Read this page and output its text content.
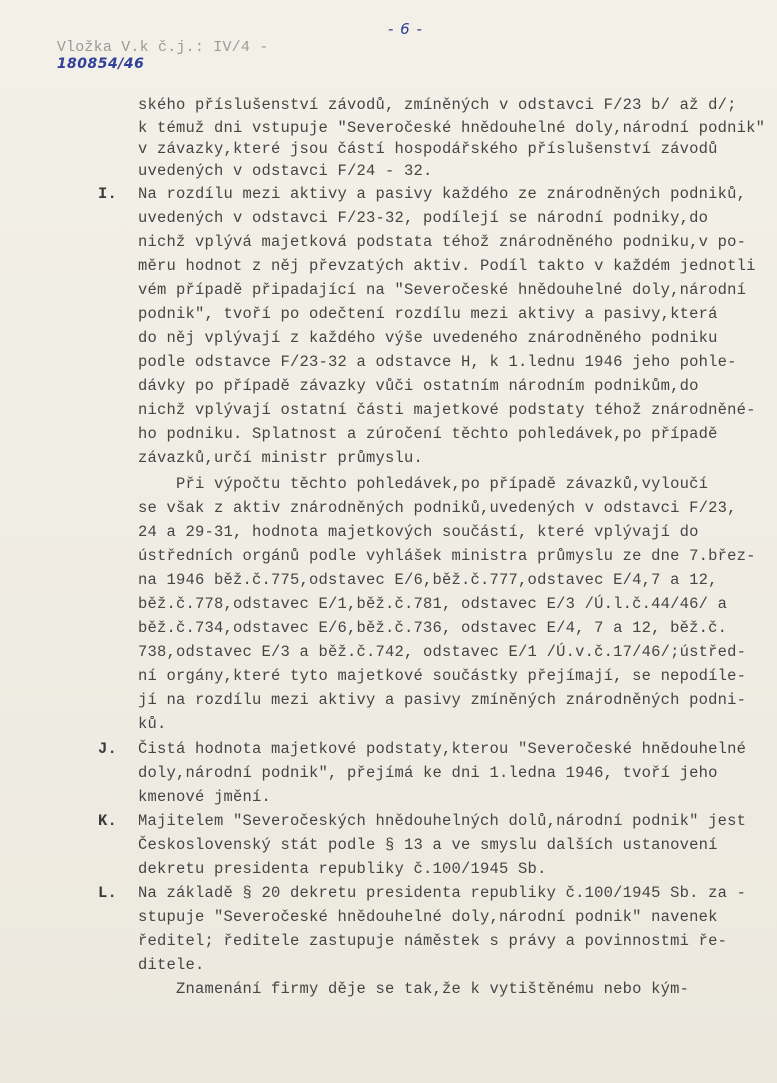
Vložka V.k č.j.: IV/4 -
180854/46

- 6 -
ského příslušenství závodů, zmíněných v odstavci F/23 b/ až d/;
k témuž dni vstupuje "Severočeské hnědouhelné doly,národní podnik"
v závazky,které jsou částí hospodářského příslušenství závodů
uvedených v odstavci F/24 - 32.
I. Na rozdílu mezi aktivy a pasivy každého ze znárodněných podniků,
uvedených v odstavci F/23-32, podílejí se národní podniky,do
nichž vplývá majetková podstata téhož znárodněného podniku,v po-
měru hodnot z něj převzatých aktiv. Podíl takto v každém jednotli
vém případě připadající na "Severočeské hnědouhelné doly,národní
podnik", tvoří po odečtení rozdílu mezi aktivy a pasivy,která
do něj vplývají z každého výše uvedeného znárodněného podniku
podle odstavce F/23-32 a odstavce H, k 1.lednu 1946 jeho pohle-
dávky po případě závazky vůči ostatním národním podnikům,do
nichž vplývají ostatní části majetkové podstaty téhož znárodněné-
ho podniku. Splatnost a zúročení těchto pohledávek,po případě
závazků,určí ministr průmyslu.
Při výpočtu těchto pohledávek,po případě závazků,vyloučí
se však z aktiv znárodněných podniků,uvedených v odstavci F/23,
24 a 29-31, hodnota majetkových součástí, které vplývají do
ústředních orgánů podle vyhlášek ministra průmyslu ze dne 7.břez-
na 1946 běž.č.775,odstavec E/6,běž.č.777,odstavec E/4,7 a 12,
běž.č.778,odstavec E/1,běž.č.781, odstavec E/3 /Ú.l.č.44/46/ a
běž.č.734,odstavec E/6,běž.č.736, odstavec E/4, 7 a 12, běž.č.
738,odstavec E/3 a běž.č.742, odstavec E/1 /Ú.v.č.17/46/;ústřed-
ní orgány,které tyto majetkové součástky přejímají, se nepodíle-
jí na rozdílu mezi aktivy a pasivy zmíněných znárodněných podni-
ků.
J. Čistá hodnota majetkové podstaty,kterou "Severočeské hnědouhelné
doly,národní podnik", přejímá ke dni 1.ledna 1946, tvoří jeho
kmenové jmění.
K. Majitelem "Severočeských hnědouhelných dolů,národní podnik" jest
Československý stát podle § 13 a ve smyslu dalších ustanovení
dekretu presidenta republiky č.100/1945 Sb.
L. Na základě § 20 dekretu presidenta republiky č.100/1945 Sb. za -
stupuje "Severočeské hnědouhelné doly,národní podnik" navenek
ředitel; ředitele zastupuje náměstek s právy a povinnostmi ře-
ditele.
Znamenání firmy děje se tak,že k vytištěnému nebo kým-
